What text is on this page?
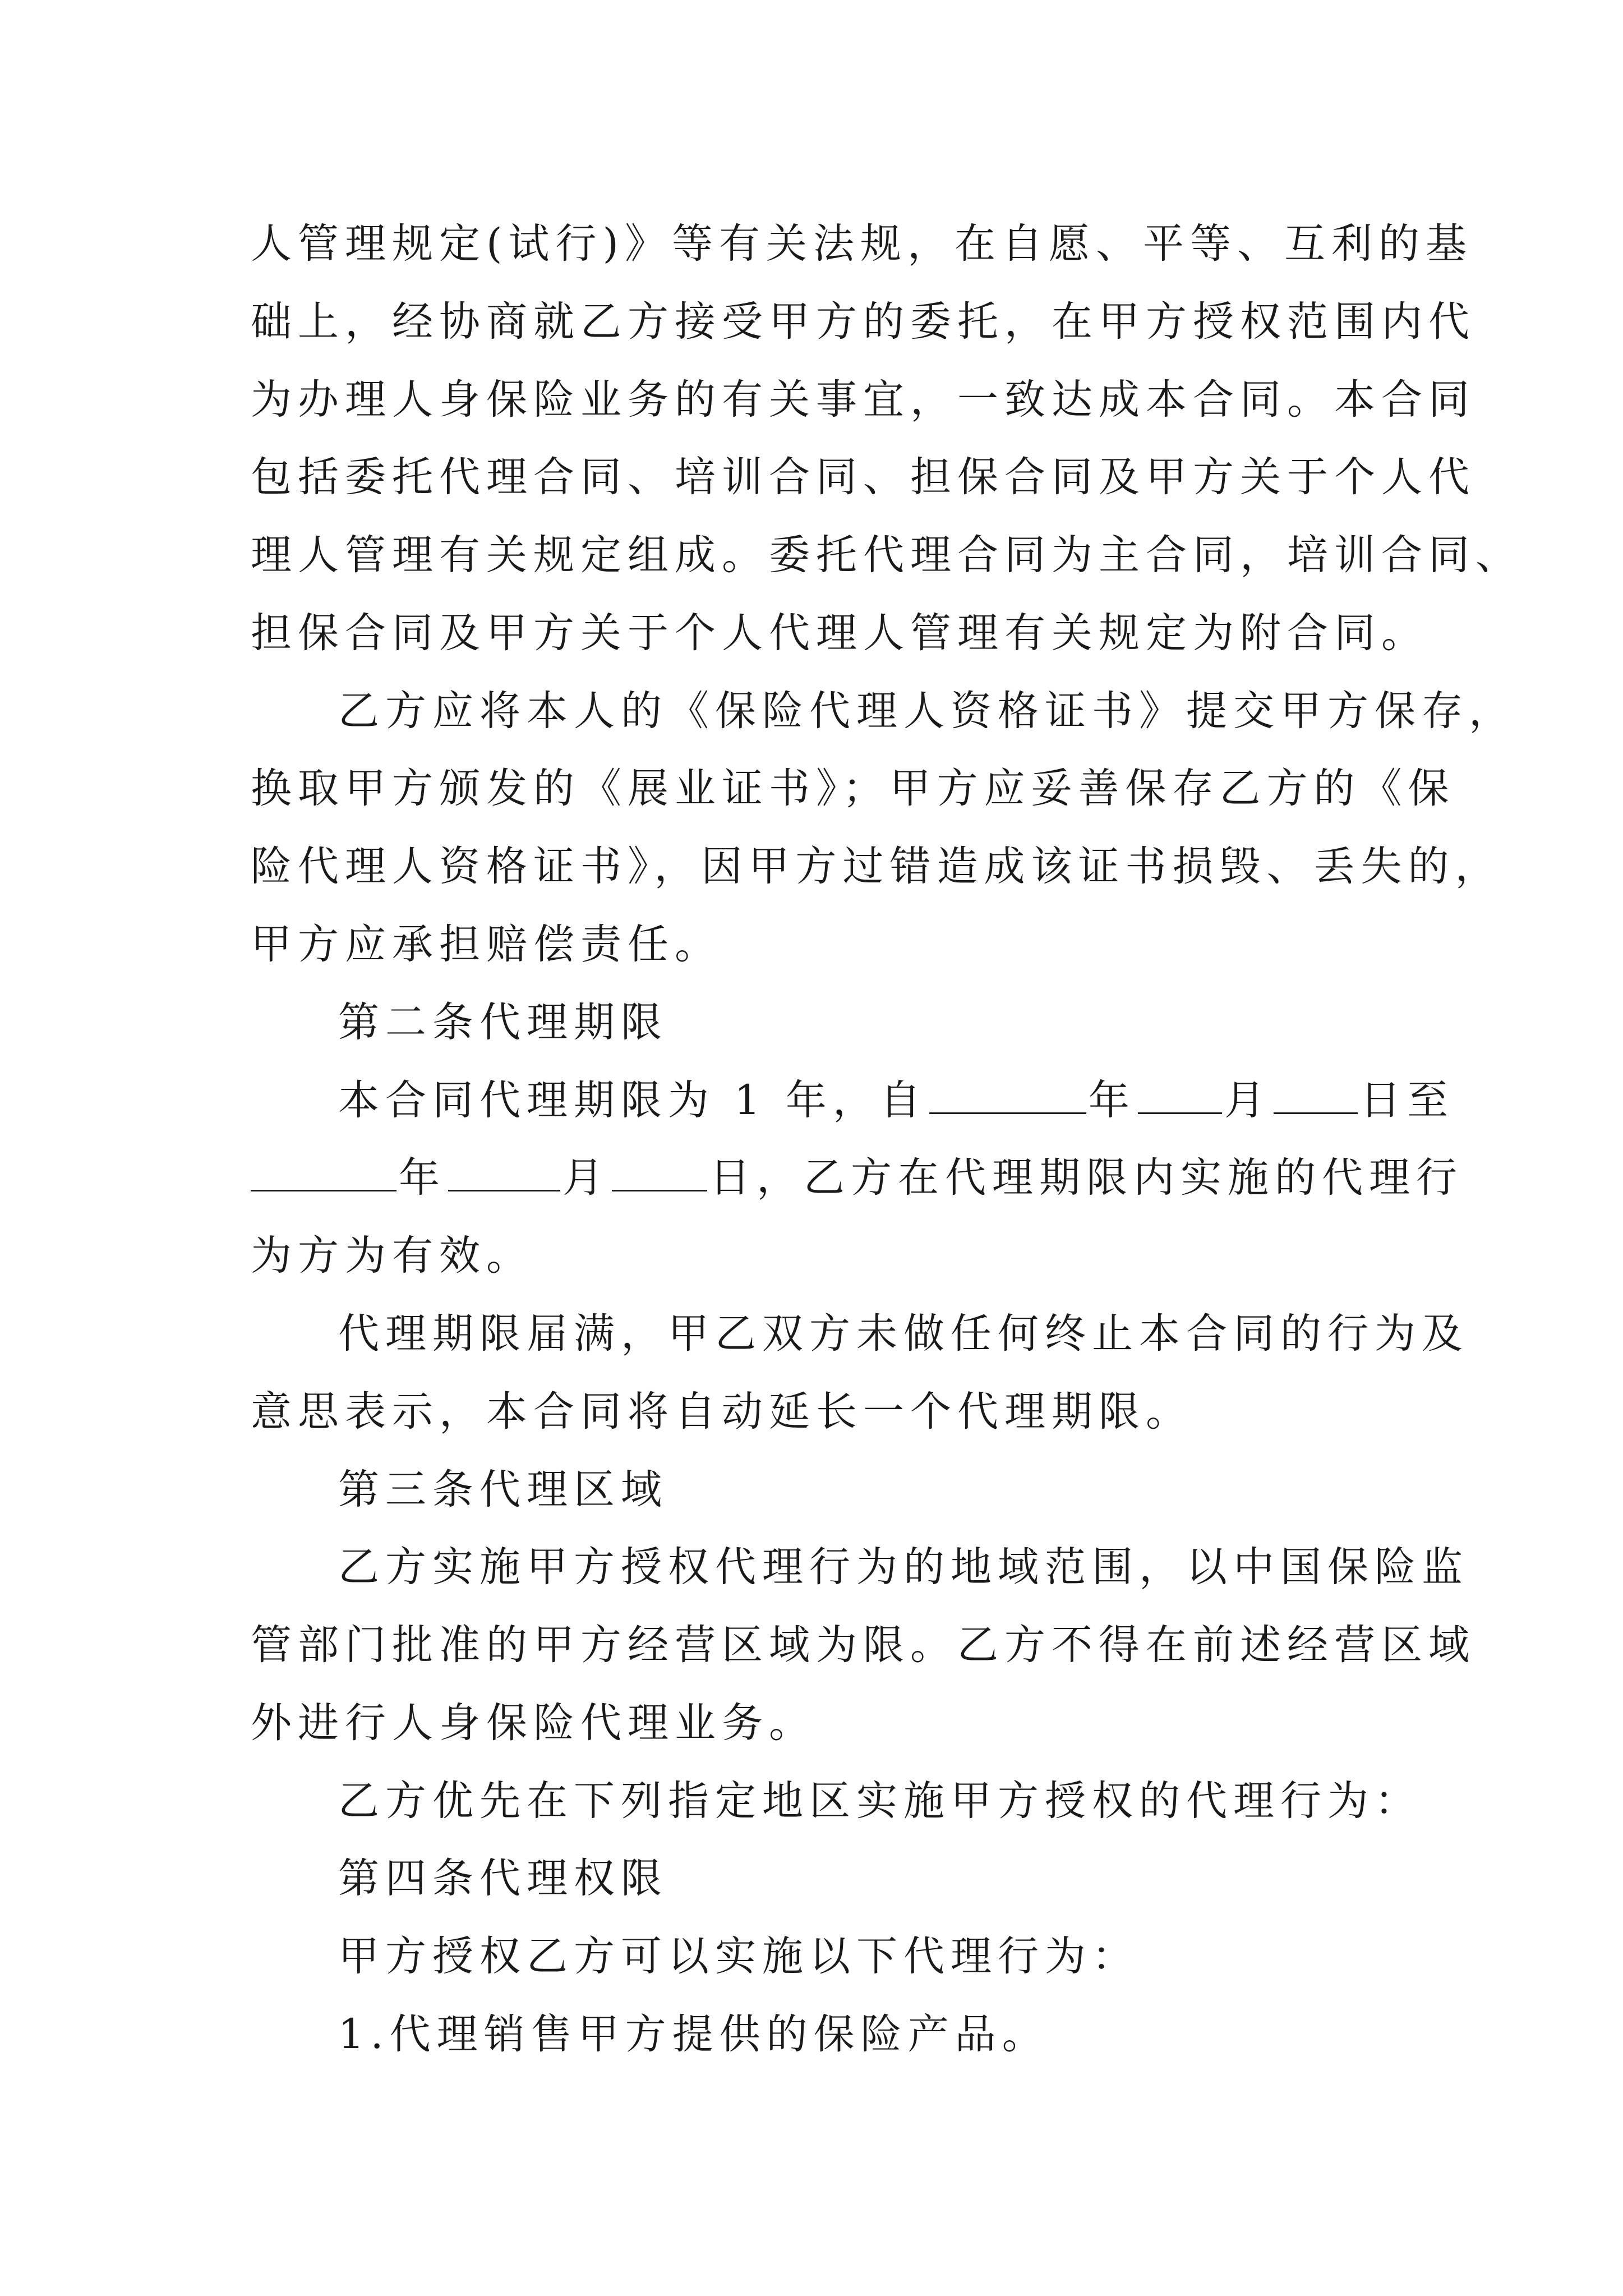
人管理规定(试行)》等有关法规，在自愿、平等、互利的基
础上，经协商就乙方接受甲方的委托，在甲方授权范围内代
为办理人身保险业务的有关事宜，一致达成本合同。本合同
包括委托代理合同、培训合同、担保合同及甲方关于个人代
理人管理有关规定组成。委托代理合同为主合同，培训合同、
担保合同及甲方关于个人代理人管理有关规定为附合同。
乙方应将本人的《保险代理人资格证书》提交甲方保存，
换取甲方颁发的《展业证书》；甲方应妥善保存乙方的《保
险代理人资格证书》，因甲方过错造成该证书损毁、丢失的，
甲方应承担赔偿责任。
第二条代理期限
本合同代理期限为 1 年，自	年 月 日至
年	月 日，乙方在代理期限内实施的代理行
为方为有效。
代理期限届满，甲乙双方未做任何终止本合同的行为及
意思表示，本合同将自动延长一个代理期限。
第三条代理区域
乙方实施甲方授权代理行为的地域范围，以中国保险监
管部门批准的甲方经营区域为限。乙方不得在前述经营区域
外进行人身保险代理业务。
乙方优先在下列指定地区实施甲方授权的代理行为：
第四条代理权限
甲方授权乙方可以实施以下代理行为：
1.代理销售甲方提供的保险产品。
